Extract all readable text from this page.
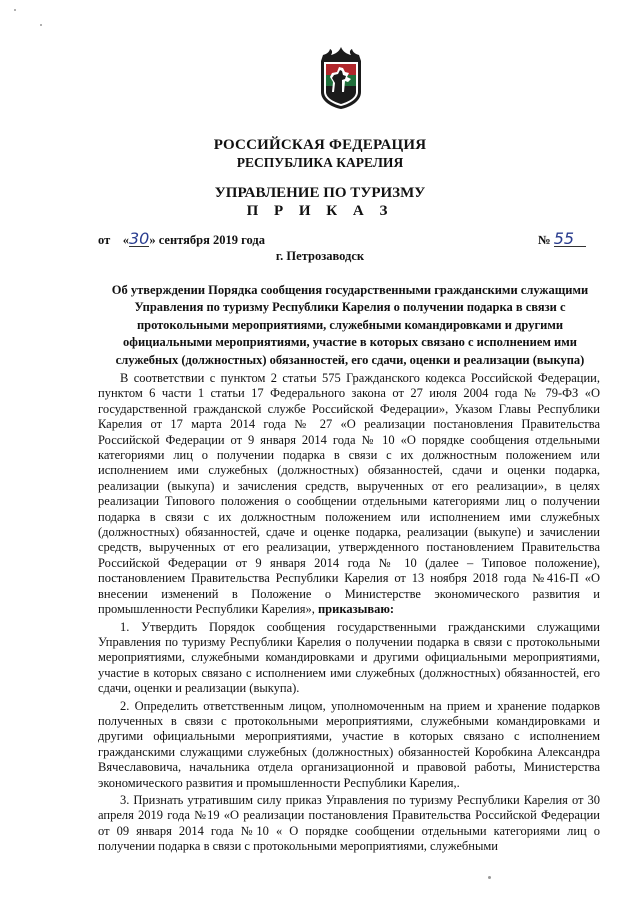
РОССИЙСКАЯ ФЕДЕРАЦИЯ
РЕСПУБЛИКА КАРЕЛИЯ
УПРАВЛЕНИЕ ПО ТУРИЗМУ
П Р И К А З
от «30» сентября 2019 года	№ 55
г. Петрозаводск
Об утверждении Порядка сообщения государственными гражданскими служащими Управления по туризму Республики Карелия о получении подарка в связи с протокольными мероприятиями, служебными командировками и другими официальными мероприятиями, участие в которых связано с исполнением ими служебных (должностных) обязанностей, его сдачи, оценки и реализации (выкупа)

В соответствии с пунктом 2 статьи 575 Гражданского кодекса Российской Федерации, пунктом 6 части 1 статьи 17 Федерального закона от 27 июля 2004 года № 79-ФЗ «О государственной гражданской службе Российской Федерации», Указом Главы Республики Карелия от 17 марта 2014 года № 27 «О реализации постановления Правительства Российской Федерации от 9 января 2014 года № 10 «О порядке сообщения отдельными категориями лиц о получении подарка в связи с их должностным положением или исполнением ими служебных (должностных) обязанностей, сдачи и оценки подарка, реализации (выкупа) и зачисления средств, вырученных от его реализации», в целях реализации Типового положения о сообщении отдельными категориями лиц о получении подарка в связи с их должностным положением или исполнением ими служебных (должностных) обязанностей, сдаче и оценке подарка, реализации (выкупе) и зачислении средств, вырученных от его реализации, утвержденного постановлением Правительства Российской Федерации от 9 января 2014 года № 10 (далее – Типовое положение), постановлением Правительства Республики Карелия от 13 ноября 2018 года №416-П «О внесении изменений в Положение о Министерстве экономического развития и промышленности Республики Карелия», приказываю:

1. Утвердить Порядок сообщения государственными гражданскими служащими Управления по туризму Республики Карелия о получении подарка в связи с протокольными мероприятиями, служебными командировками и другими официальными мероприятиями, участие в которых связано с исполнением ими служебных (должностных) обязанностей, его сдачи, оценки и реализации (выкупа).

2. Определить ответственным лицом, уполномоченным на прием и хранение подарков полученных в связи с протокольными мероприятиями, служебными командировками и другими официальными мероприятиями, участие в которых связано с исполнением гражданскими служащими служебных (должностных) обязанностей Коробкина Александра Вячеславовича, начальника отдела организационной и правовой работы, Министерства экономического развития и промышленности Республики Карелия,.

3. Признать утратившим силу приказ Управления по туризму Республики Карелия от 30 апреля 2019 года №19 «О реализации постановления Правительства Российской Федерации от 09 января 2014 года №10 « О порядке сообщении отдельными категориями лиц о получении подарка в связи с протокольными мероприятиями, служебными
